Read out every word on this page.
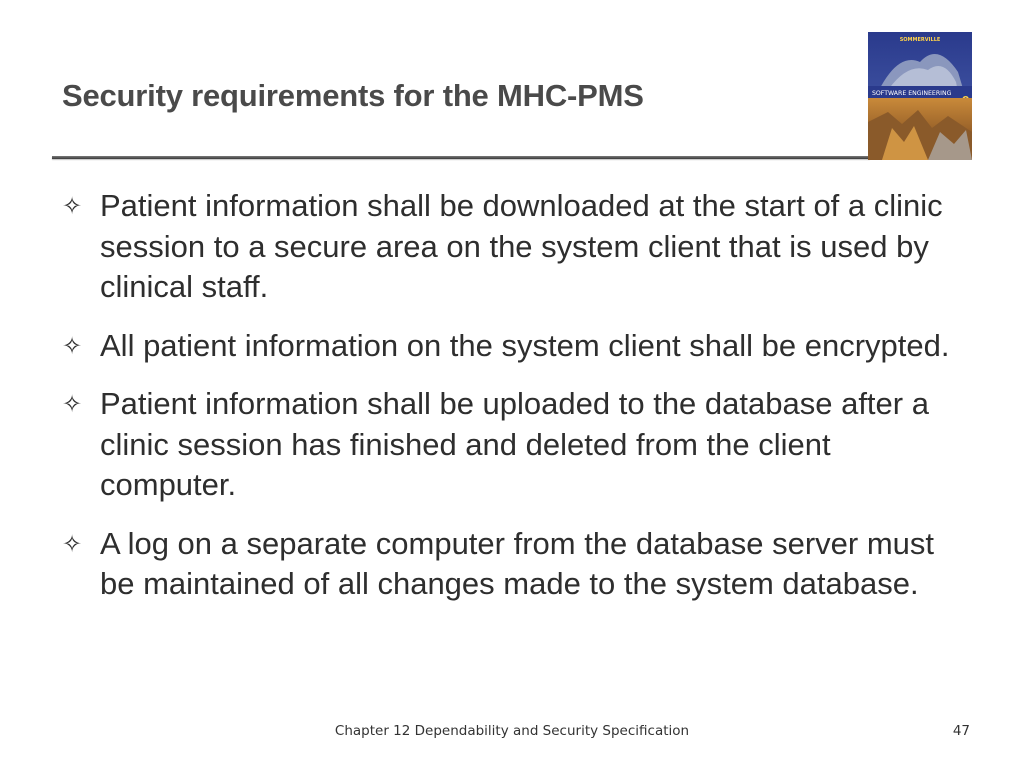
Security requirements for the MHC-PMS	SOFTWARE ENGINEERING
SOMMERVILLE
✧ Patient information shall be downloaded at the start of a clinic session to a secure area on the system client that is used by clinical staff.
✧ All patient information on the system client shall be encrypted.
✧ Patient information shall be uploaded to the database after a clinic session has finished and deleted from the client computer.
✧ A log on a separate computer from the database server must be maintained of all changes made to the system database.
Chapter 12 Dependability and Security Specification	47
